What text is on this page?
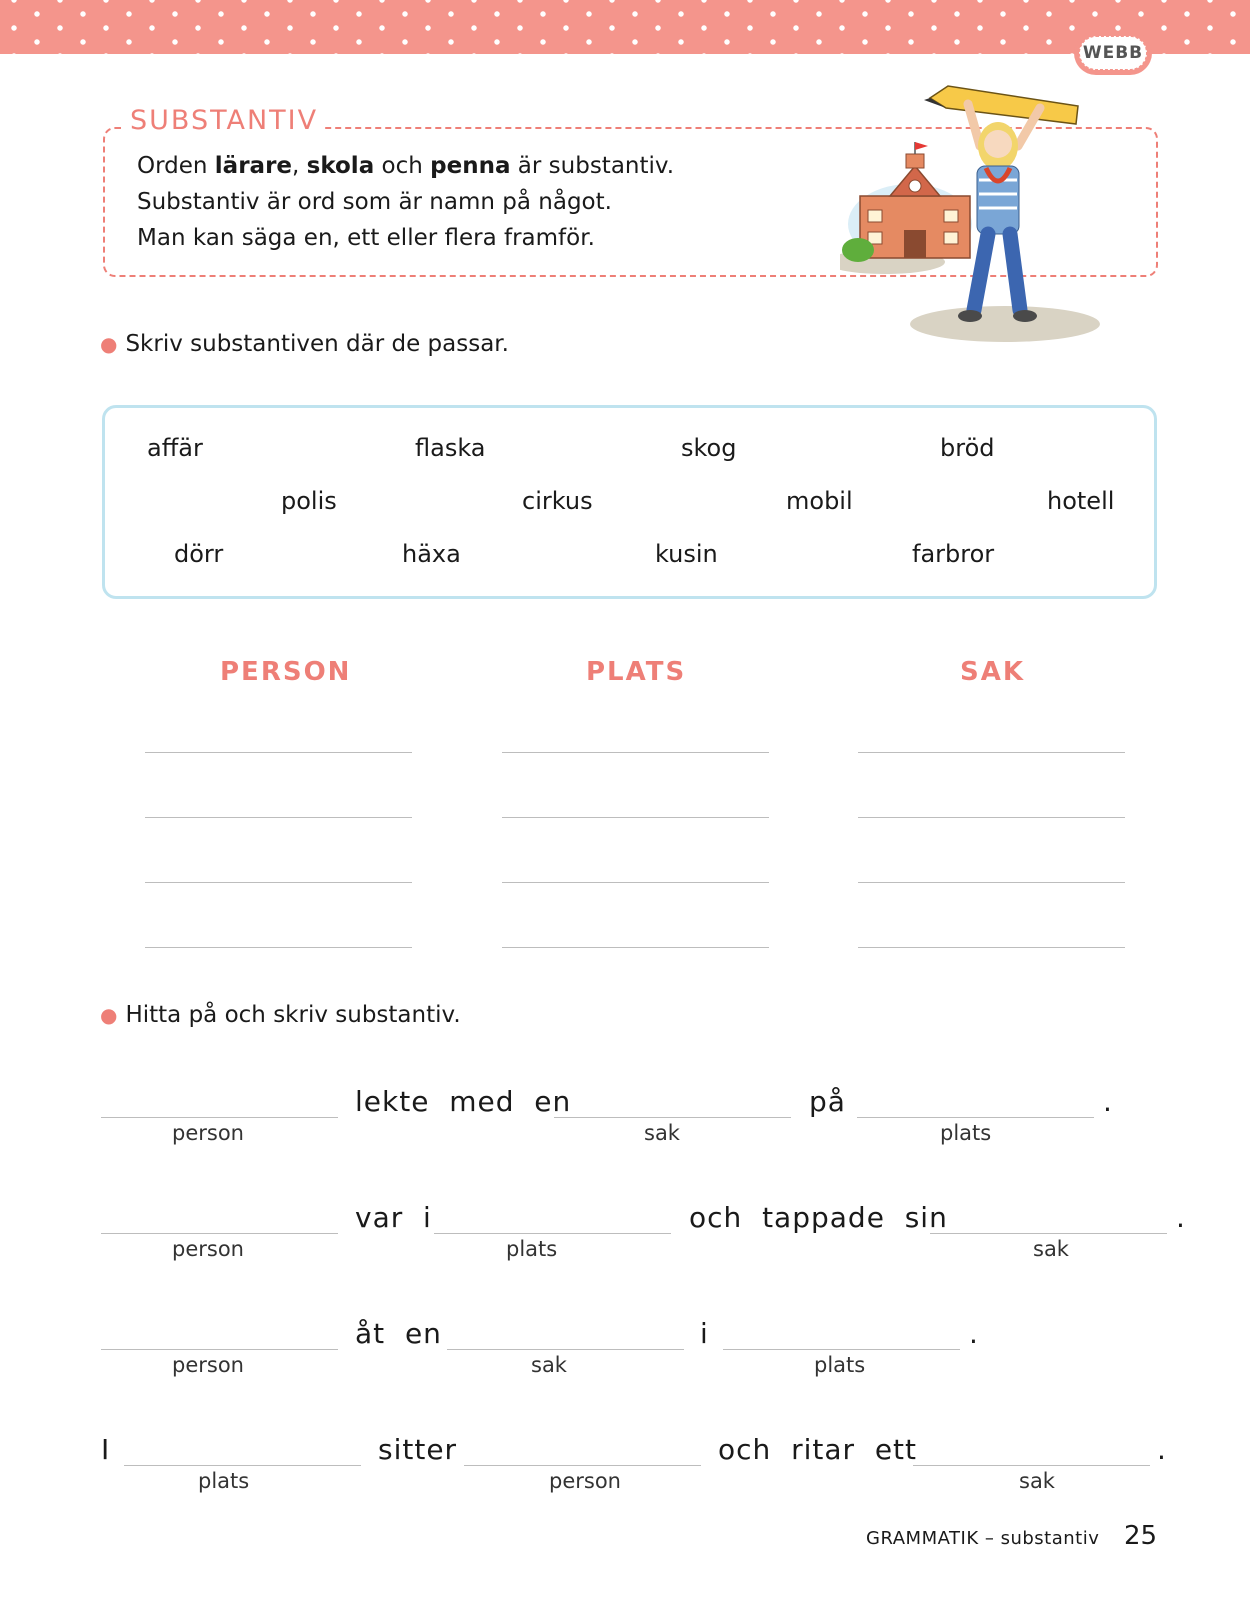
WEBB
SUBSTANTIV
Orden lärare, skola och penna är substantiv.
Substantiv är ord som är namn på något.
Man kan säga en, ett eller flera framför.
● Skriv substantiven där de passar.
affär	flaska	skog	bröd
polis	cirkus	mobil	hotell
dörr	häxa	kusin	farbror
PERSON	PLATS	SAK
● Hitta på och skriv substantiv.
person
lekte  med  en
sak
på
plats
.
person
var  i
plats
och  tappade  sin
sak
.
person
åt  en
sak
i
plats
.
I
plats
sitter
person
och  ritar  ett
sak
.
GRAMMATIK – substantiv 25
